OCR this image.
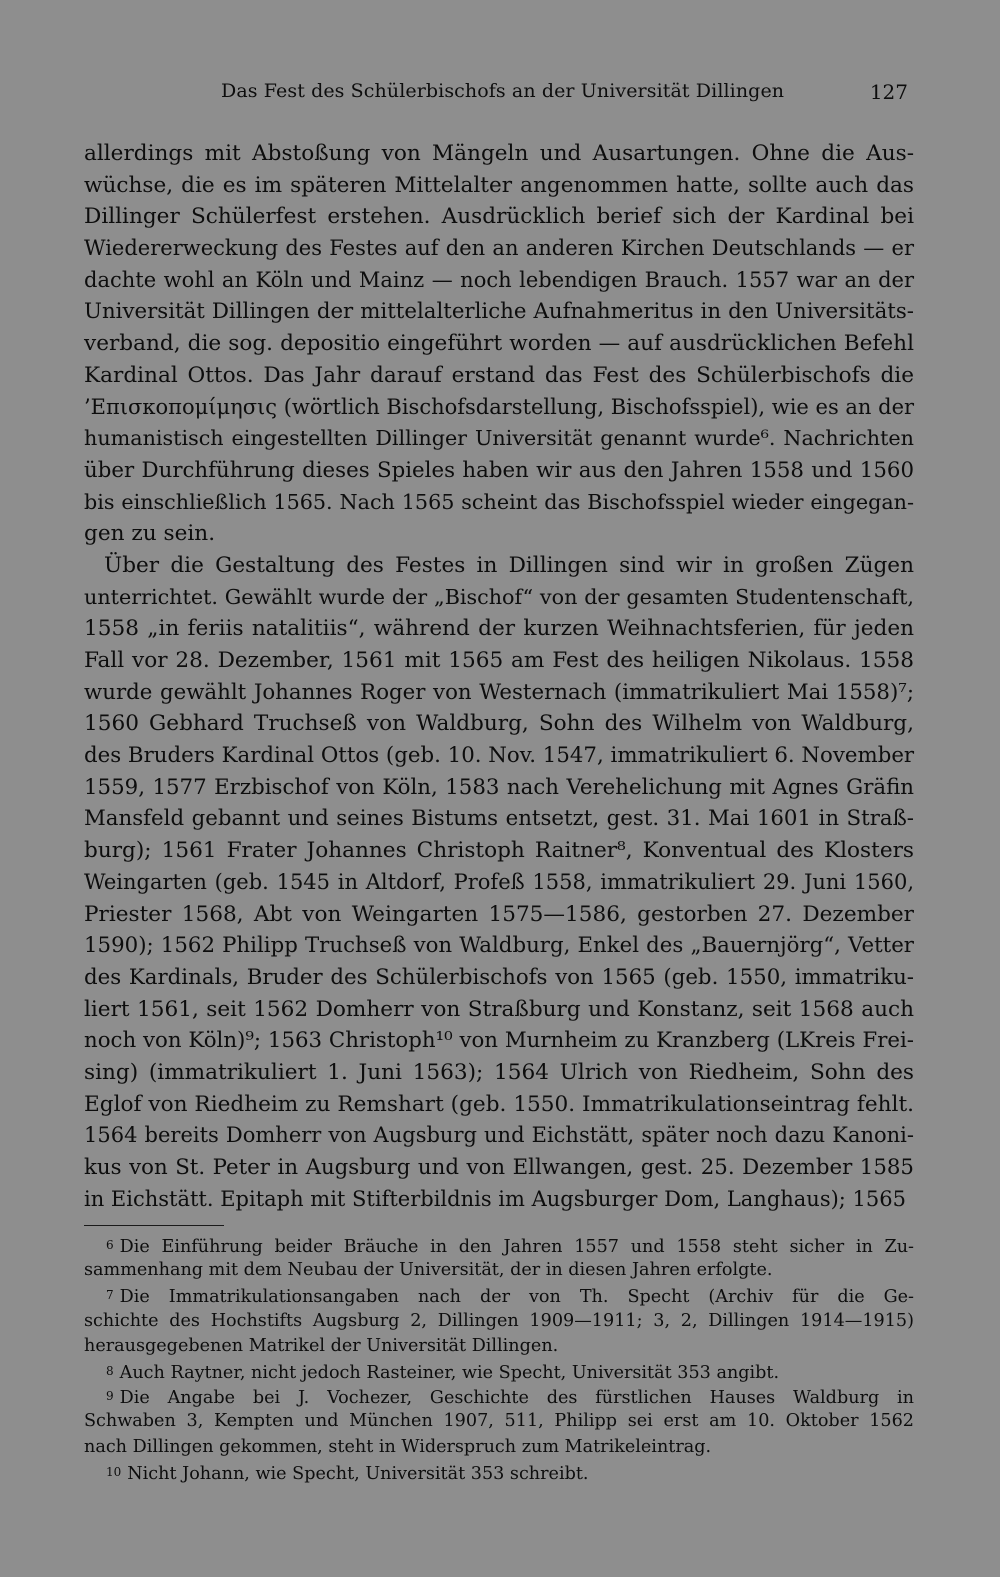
Das Fest des Schülerbischofs an der Universität Dillingen	127
allerdings mit Abstoßung von Mängeln und Ausartungen. Ohne die Aus-
wüchse, die es im späteren Mittelalter angenommen hatte, sollte auch das
Dillinger Schülerfest erstehen. Ausdrücklich berief sich der Kardinal bei
Wiedererweckung des Festes auf den an anderen Kirchen Deutschlands — er
dachte wohl an Köln und Mainz — noch lebendigen Brauch. 1557 war an der
Universität Dillingen der mittelalterliche Aufnahmeritus in den Universitäts-
verband, die sog. depositio eingeführt worden — auf ausdrücklichen Befehl
Kardinal Ottos. Das Jahr darauf erstand das Fest des Schülerbischofs die
’Επισκοπομίμησις (wörtlich Bischofsdarstellung, Bischofsspiel), wie es an der
humanistisch eingestellten Dillinger Universität genannt wurde⁶. Nachrichten
über Durchführung dieses Spieles haben wir aus den Jahren 1558 und 1560
bis einschließlich 1565. Nach 1565 scheint das Bischofsspiel wieder eingegan-
gen zu sein.
Über die Gestaltung des Festes in Dillingen sind wir in großen Zügen
unterrichtet. Gewählt wurde der „Bischof“ von der gesamten Studentenschaft,
1558 „in feriis natalitiis“, während der kurzen Weihnachtsferien, für jeden
Fall vor 28. Dezember, 1561 mit 1565 am Fest des heiligen Nikolaus. 1558
wurde gewählt Johannes Roger von Westernach (immatrikuliert Mai 1558)⁷;
1560 Gebhard Truchseß von Waldburg, Sohn des Wilhelm von Waldburg,
des Bruders Kardinal Ottos (geb. 10. Nov. 1547, immatrikuliert 6. November
1559, 1577 Erzbischof von Köln, 1583 nach Verehelichung mit Agnes Gräfin
Mansfeld gebannt und seines Bistums entsetzt, gest. 31. Mai 1601 in Straß-
burg); 1561 Frater Johannes Christoph Raitner⁸, Konventual des Klosters
Weingarten (geb. 1545 in Altdorf, Profeß 1558, immatrikuliert 29. Juni 1560,
Priester 1568, Abt von Weingarten 1575—1586, gestorben 27. Dezember
1590); 1562 Philipp Truchseß von Waldburg, Enkel des „Bauernjörg“, Vetter
des Kardinals, Bruder des Schülerbischofs von 1565 (geb. 1550, immatriku-
liert 1561, seit 1562 Domherr von Straßburg und Konstanz, seit 1568 auch
noch von Köln)⁹; 1563 Christoph¹⁰ von Murnheim zu Kranzberg (LKreis Frei-
sing) (immatrikuliert 1. Juni 1563); 1564 Ulrich von Riedheim, Sohn des
Eglof von Riedheim zu Remshart (geb. 1550. Immatrikulationseintrag fehlt.
1564 bereits Domherr von Augsburg und Eichstätt, später noch dazu Kanoni-
kus von St. Peter in Augsburg und von Ellwangen, gest. 25. Dezember 1585
in Eichstätt. Epitaph mit Stifterbildnis im Augsburger Dom, Langhaus); 1565
6 Die Einführung beider Bräuche in den Jahren 1557 und 1558 steht sicher in Zu-
sammenhang mit dem Neubau der Universität, der in diesen Jahren erfolgte.
7 Die Immatrikulationsangaben nach der von Th. Specht (Archiv für die Ge-
schichte des Hochstifts Augsburg 2, Dillingen 1909—1911; 3, 2, Dillingen 1914—1915)
herausgegebenen Matrikel der Universität Dillingen.
8 Auch Raytner, nicht jedoch Rasteiner, wie Specht, Universität 353 angibt.
9 Die Angabe bei J. Vochezer, Geschichte des fürstlichen Hauses Waldburg in
Schwaben 3, Kempten und München 1907, 511, Philipp sei erst am 10. Oktober 1562
nach Dillingen gekommen, steht in Widerspruch zum Matrikeleintrag.
10 Nicht Johann, wie Specht, Universität 353 schreibt.
